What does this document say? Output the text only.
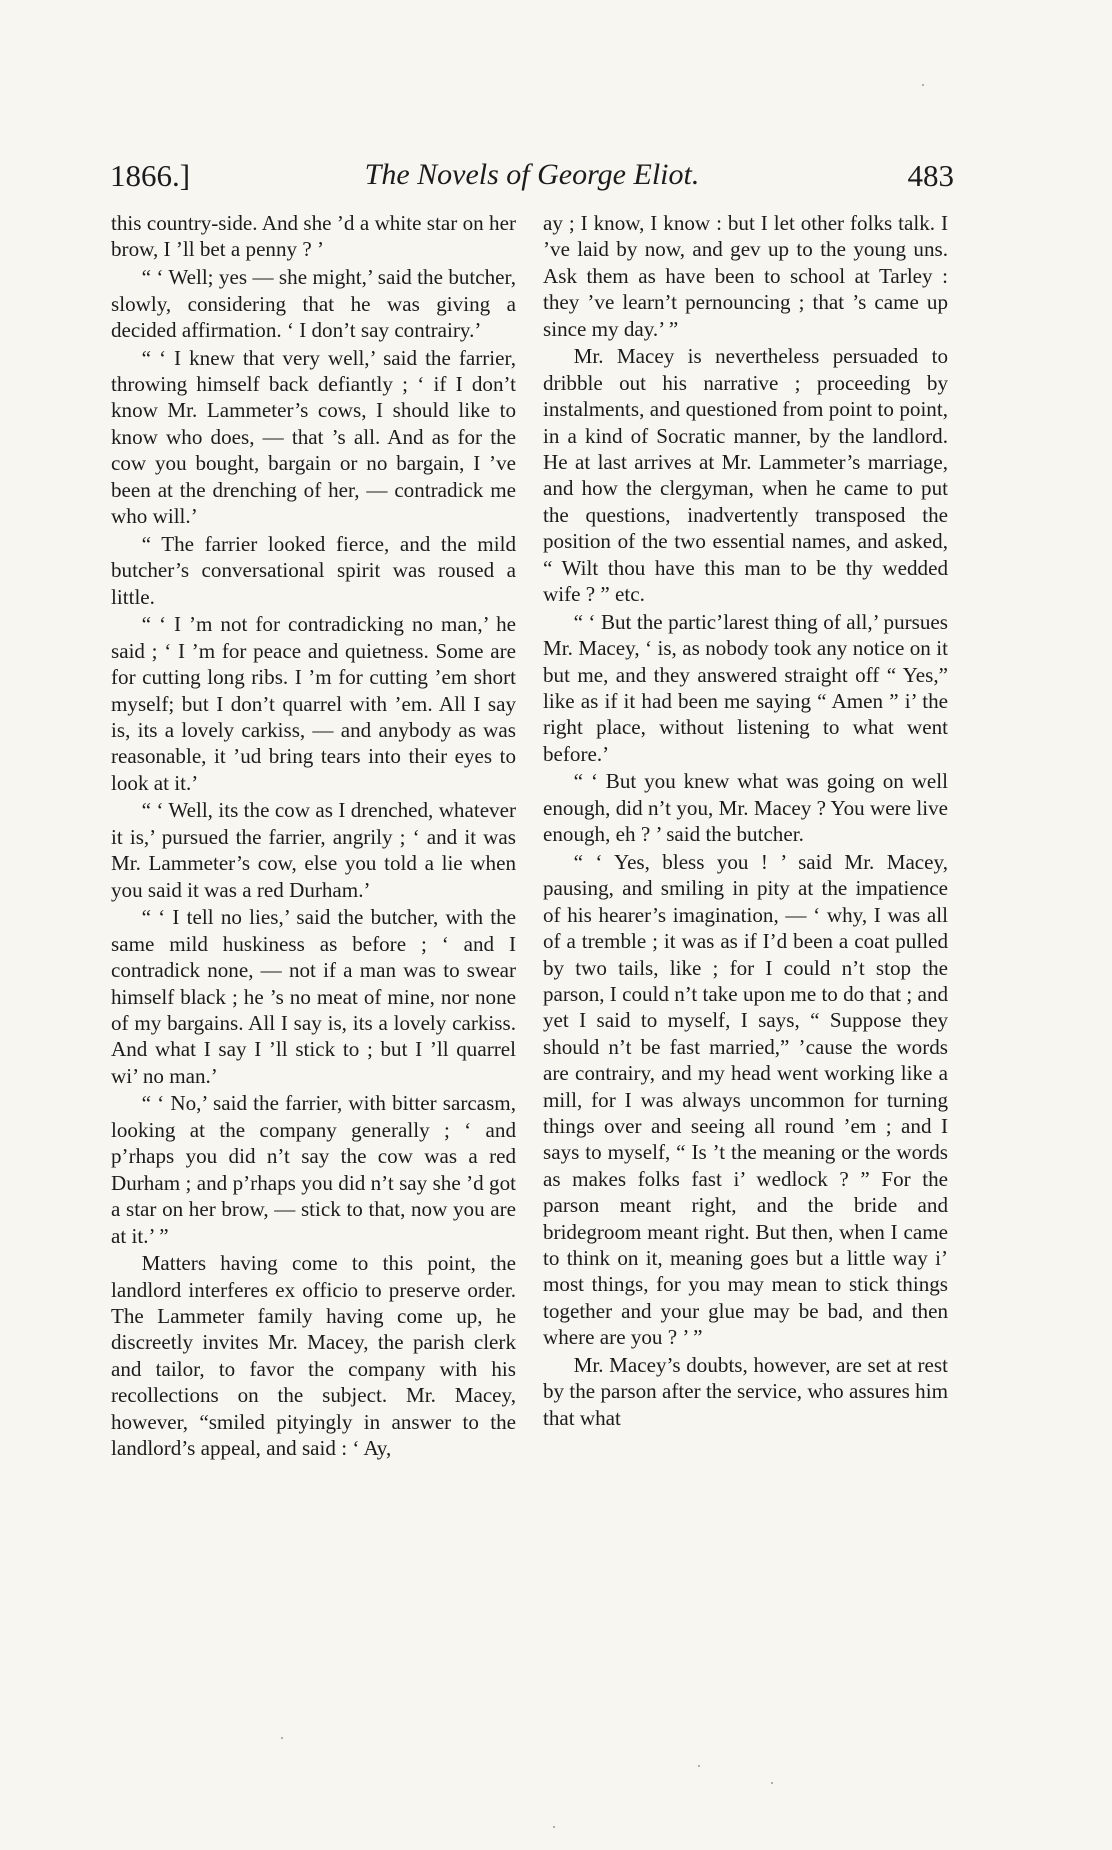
1866.]	The Novels of George Eliot.	483

this country-side. And she ’d a white star on her brow, I ’ll bet a penny ? ’

“ ‘ Well; yes — she might,’ said the butcher, slowly, considering that he was giving a decided affirmation. ‘ I don’t say contrairy.’

“ ‘ I knew that very well,’ said the farrier, throwing himself back defiantly ; ‘ if I don’t know Mr. Lammeter’s cows, I should like to know who does, — that ’s all. And as for the cow you bought, bargain or no bargain, I ’ve been at the drenching of her, — contradick me who will.’

“ The farrier looked fierce, and the mild butcher’s conversational spirit was roused a little.

“ ‘ I ’m not for contradicking no man,’ he said ; ‘ I ’m for peace and quietness. Some are for cutting long ribs. I ’m for cutting ’em short myself; but I don’t quarrel with ’em. All I say is, its a lovely carkiss, — and anybody as was reasonable, it ’ud bring tears into their eyes to look at it.’

“ ‘ Well, its the cow as I drenched, whatever it is,’ pursued the farrier, angrily ; ‘ and it was Mr. Lammeter’s cow, else you told a lie when you said it was a red Durham.’

“ ‘ I tell no lies,’ said the butcher, with the same mild huskiness as before ; ‘ and I contradick none, — not if a man was to swear himself black ; he ’s no meat of mine, nor none of my bargains. All I say is, its a lovely carkiss. And what I say I ’ll stick to ; but I ’ll quarrel wi’ no man.’

“ ‘ No,’ said the farrier, with bitter sarcasm, looking at the company generally ; ‘ and p’rhaps you did n’t say the cow was a red Durham ; and p’rhaps you did n’t say she ’d got a star on her brow, — stick to that, now you are at it.’ ”

Matters having come to this point, the landlord interferes ex officio to preserve order. The Lammeter family having come up, he discreetly invites Mr. Macey, the parish clerk and tailor, to favor the company with his recollections on the subject. Mr. Macey, however, “smiled pityingly in answer to the landlord’s appeal, and said : ‘ Ay,

ay ; I know, I know : but I let other folks talk. I ’ve laid by now, and gev up to the young uns. Ask them as have been to school at Tarley : they ’ve learn’t pernouncing ; that ’s came up since my day.’ ”

Mr. Macey is nevertheless persuaded to dribble out his narrative ; proceeding by instalments, and questioned from point to point, in a kind of Socratic manner, by the landlord. He at last arrives at Mr. Lammeter’s marriage, and how the clergyman, when he came to put the questions, inadvertently transposed the position of the two essential names, and asked, “ Wilt thou have this man to be thy wedded wife ? ” etc.

“ ‘ But the partic’larest thing of all,’ pursues Mr. Macey, ‘ is, as nobody took any notice on it but me, and they answered straight off “ Yes,” like as if it had been me saying “ Amen ” i’ the right place, without listening to what went before.’

“ ‘ But you knew what was going on well enough, did n’t you, Mr. Macey ? You were live enough, eh ? ’ said the butcher.

“ ‘ Yes, bless you ! ’ said Mr. Macey, pausing, and smiling in pity at the impatience of his hearer’s imagination, — ‘ why, I was all of a tremble ; it was as if I’d been a coat pulled by two tails, like ; for I could n’t stop the parson, I could n’t take upon me to do that ; and yet I said to myself, I says, “ Suppose they should n’t be fast married,” ’cause the words are contrairy, and my head went working like a mill, for I was always uncommon for turning things over and seeing all round ’em ; and I says to myself, “ Is ’t the meaning or the words as makes folks fast i’ wedlock ? ” For the parson meant right, and the bride and bridegroom meant right. But then, when I came to think on it, meaning goes but a little way i’ most things, for you may mean to stick things together and your glue may be bad, and then where are you ? ’ ”

Mr. Macey’s doubts, however, are set at rest by the parson after the service, who assures him that what
